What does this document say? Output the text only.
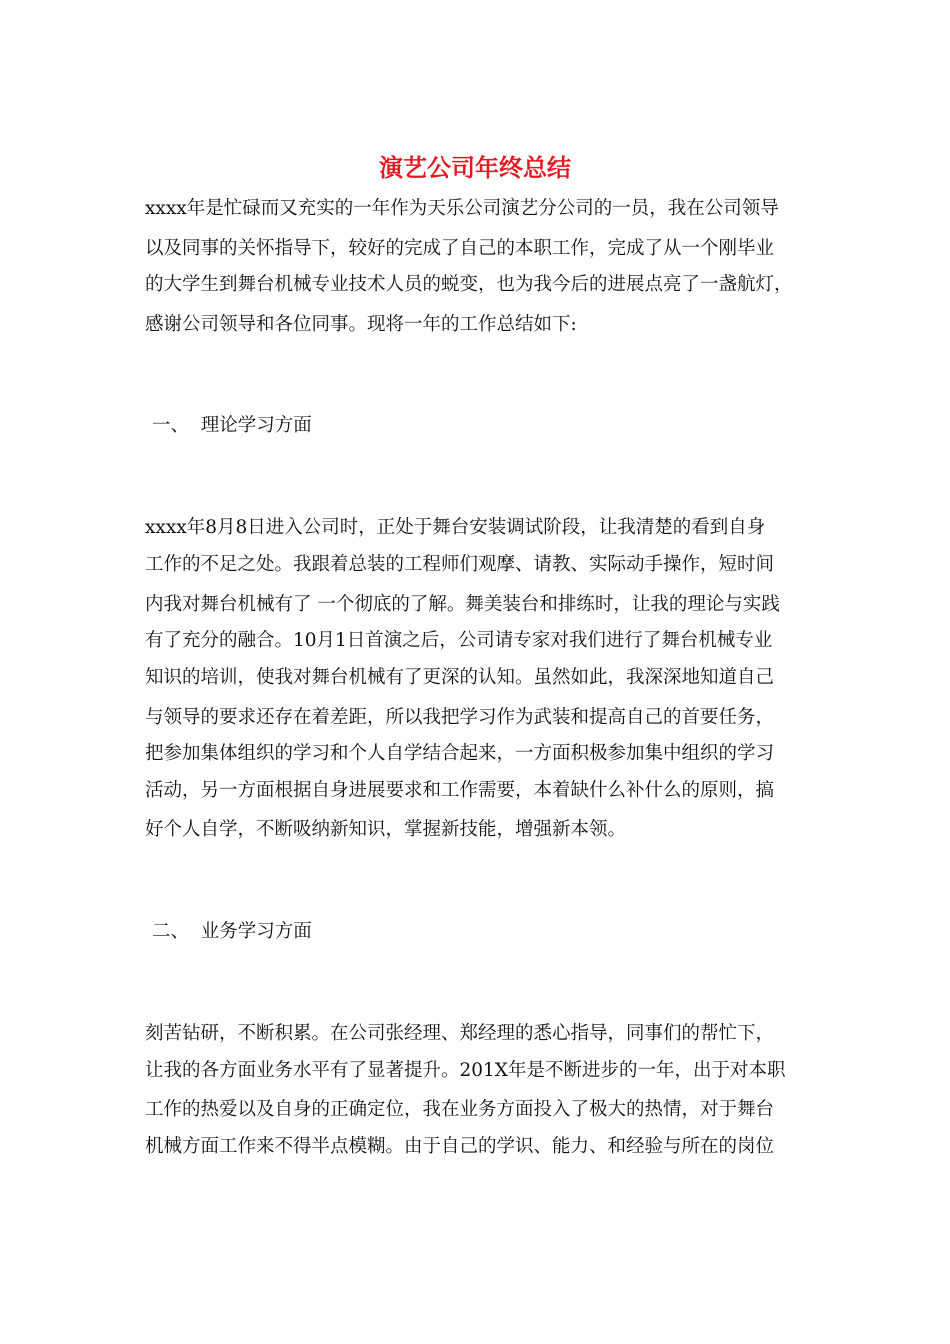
演艺公司年终总结

xxxx年是忙碌而又充实的一年作为天乐公司演艺分公司的一员，我在公司领导

以及同事的关怀指导下，较好的完成了自己的本职工作，完成了从一个刚毕业

的大学生到舞台机械专业技术人员的蜕变，也为我今后的进展点亮了一盏航灯，

感谢公司领导和各位同事。现将一年的工作总结如下:

一、  理论学习方面

xxxx年8月8日进入公司时，正处于舞台安装调试阶段，让我清楚的看到自身

工作的不足之处。我跟着总装的工程师们观摩、请教、实际动手操作，短时间

内我对舞台机械有了 一个彻底的了解。舞美装台和排练时，让我的理论与实践

有了充分的融合。10月1日首演之后，公司请专家对我们进行了舞台机械专业

知识的培训，使我对舞台机械有了更深的认知。虽然如此，我深深地知道自己

与领导的要求还存在着差距，所以我把学习作为武装和提高自己的首要任务，

把参加集体组织的学习和个人自学结合起来，一方面积极参加集中组织的学习

活动，另一方面根据自身进展要求和工作需要，本着缺什么补什么的原则，搞

好个人自学，不断吸纳新知识，掌握新技能，增强新本领。

二、  业务学习方面

刻苦钻研，不断积累。在公司张经理、郑经理的悉心指导，同事们的帮忙下，

让我的各方面业务水平有了显著提升。201X年是不断进步的一年，出于对本职

工作的热爱以及自身的正确定位，我在业务方面投入了极大的热情，对于舞台

机械方面工作来不得半点模糊。由于自己的学识、能力、和经验与所在的岗位
